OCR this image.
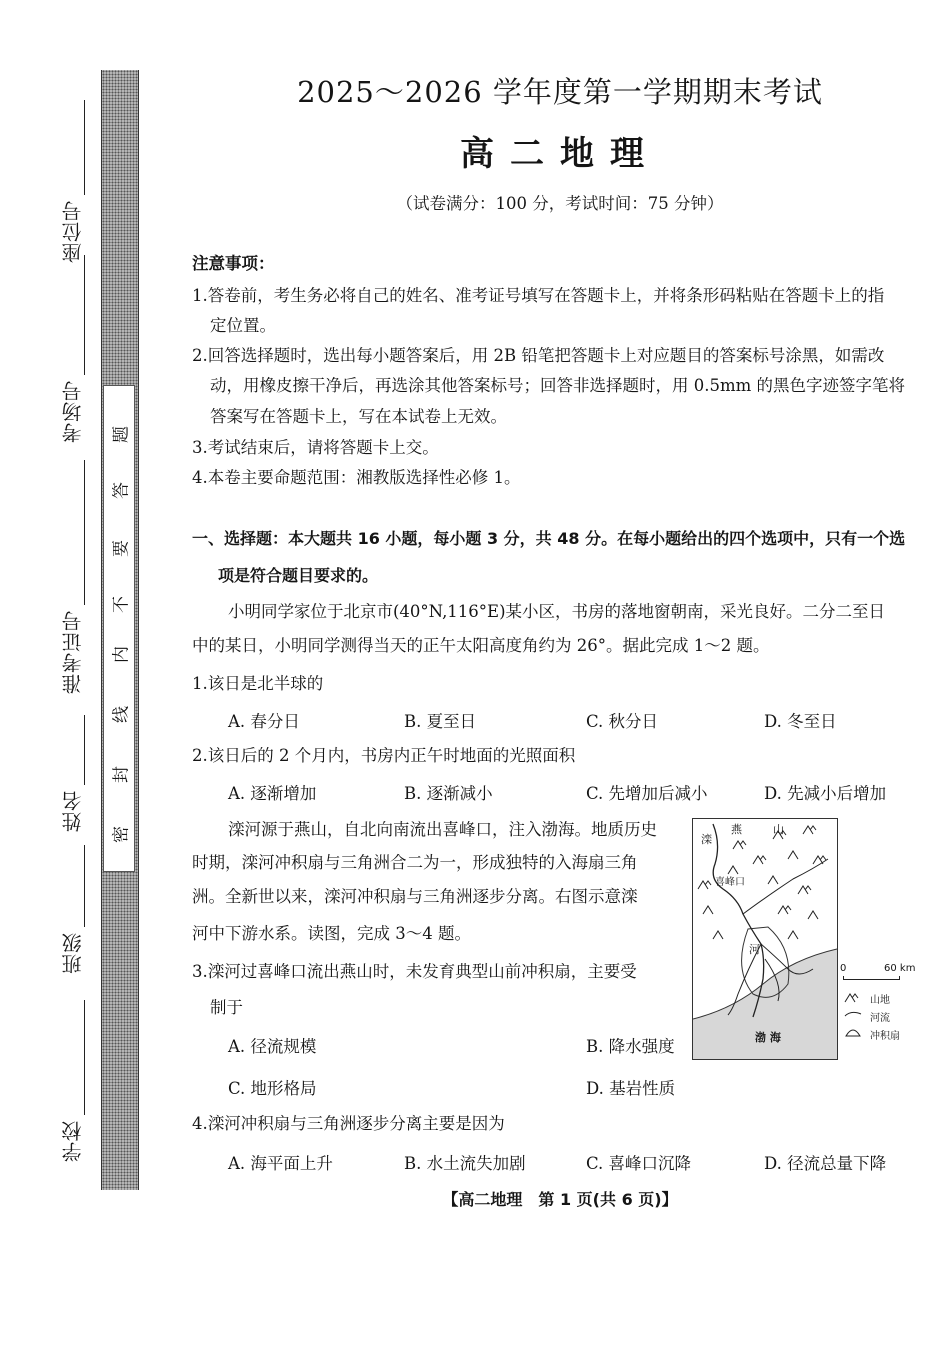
学校
班级
姓名
准考证号
考场号
座位号
密
封
线
内
不
要
答
题
2025～2026 学年度第一学期期末考试
高二地理
（试卷满分：100 分，考试时间：75 分钟）
注意事项：
1.答卷前，考生务必将自己的姓名、准考证号填写在答题卡上，并将条形码粘贴在答题卡上的指
定位置。
2.回答选择题时，选出每小题答案后，用 2B 铅笔把答题卡上对应题目的答案标号涂黑，如需改
动，用橡皮擦干净后，再选涂其他答案标号；回答非选择题时，用 0.5mm 的黑色字迹签字笔将
答案写在答题卡上，写在本试卷上无效。
3.考试结束后，请将答题卡上交。
4.本卷主要命题范围：湘教版选择性必修 1。
一、选择题：本大题共 16 小题，每小题 3 分，共 48 分。在每小题给出的四个选项中，只有一个选
项是符合题目要求的。
小明同学家位于北京市(40°N,116°E)某小区，书房的落地窗朝南，采光良好。二分二至日
中的某日，小明同学测得当天的正午太阳高度角约为 26°。据此完成 1～2 题。
1.该日是北半球的
A. 春分日	B. 夏至日	C. 秋分日	D. 冬至日
2.该日后的 2 个月内，书房内正午时地面的光照面积
A. 逐渐增加	B. 逐渐减小	C. 先增加后减小	D. 先减小后增加
滦河源于燕山，自北向南流出喜峰口，注入渤海。地质历史
时期，滦河冲积扇与三角洲合二为一，形成独特的入海扇三角
洲。全新世以来，滦河冲积扇与三角洲逐步分离。右图示意滦
河中下游水系。读图，完成 3～4 题。
3.滦河过喜峰口流出燕山时，未发育典型山前冲积扇，主要受
制于
A. 径流规模	B. 降水强度
C. 地形格局	D. 基岩性质
4.滦河冲积扇与三角洲逐步分离主要是因为
A. 海平面上升	B. 水土流失加剧	C. 喜峰口沉降	D. 径流总量下降
滦
燕	山
喜峰口
河
渤 海
0	60 km
山地
河流
冲积扇
【高二地理　第 1 页(共 6 页)】
